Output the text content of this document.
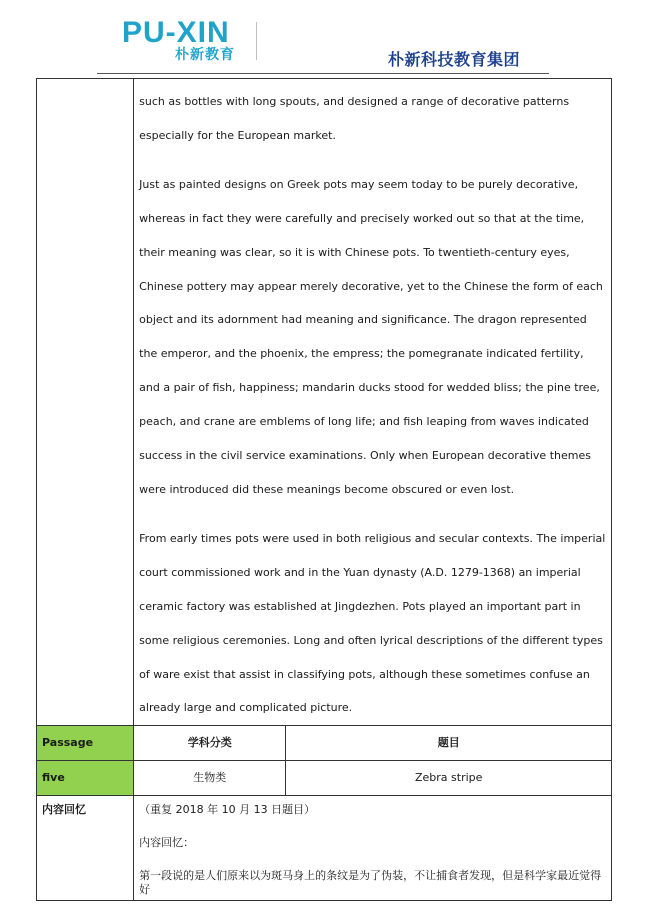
PU-XIN
朴新教育	朴新科技教育集团

	such as bottles with long spouts, and designed a range of decorative patterns especially for the European market.

Just as painted designs on Greek pots may seem today to be purely decorative, whereas in fact they were carefully and precisely worked out so that at the time, their meaning was clear, so it is with Chinese pots. To twentieth-century eyes, Chinese pottery may appear merely decorative, yet to the Chinese the form of each object and its adornment had meaning and significance. The dragon represented the emperor, and the phoenix, the empress; the pomegranate indicated fertility, and a pair of fish, happiness; mandarin ducks stood for wedded bliss; the pine tree, peach, and crane are emblems of long life; and fish leaping from waves indicated success in the civil service examinations. Only when European decorative themes were introduced did these meanings become obscured or even lost.

From early times pots were used in both religious and secular contexts. The imperial court commissioned work and in the Yuan dynasty (A.D. 1279-1368) an imperial ceramic factory was established at Jingdezhen. Pots played an important part in some religious ceremonies. Long and often lyrical descriptions of the different types of ware exist that assist in classifying pots, although these sometimes confuse an already large and complicated picture.	

Passage	学科分类	题目

five	生物类	Zebra stripe

内容回忆	（重复 2018 年 10 月 13 日题目）
内容回忆：
第一段说的是人们原来以为斑马身上的条纹是为了伪装，不让捕食者发现，但是科学家最近觉得好	
